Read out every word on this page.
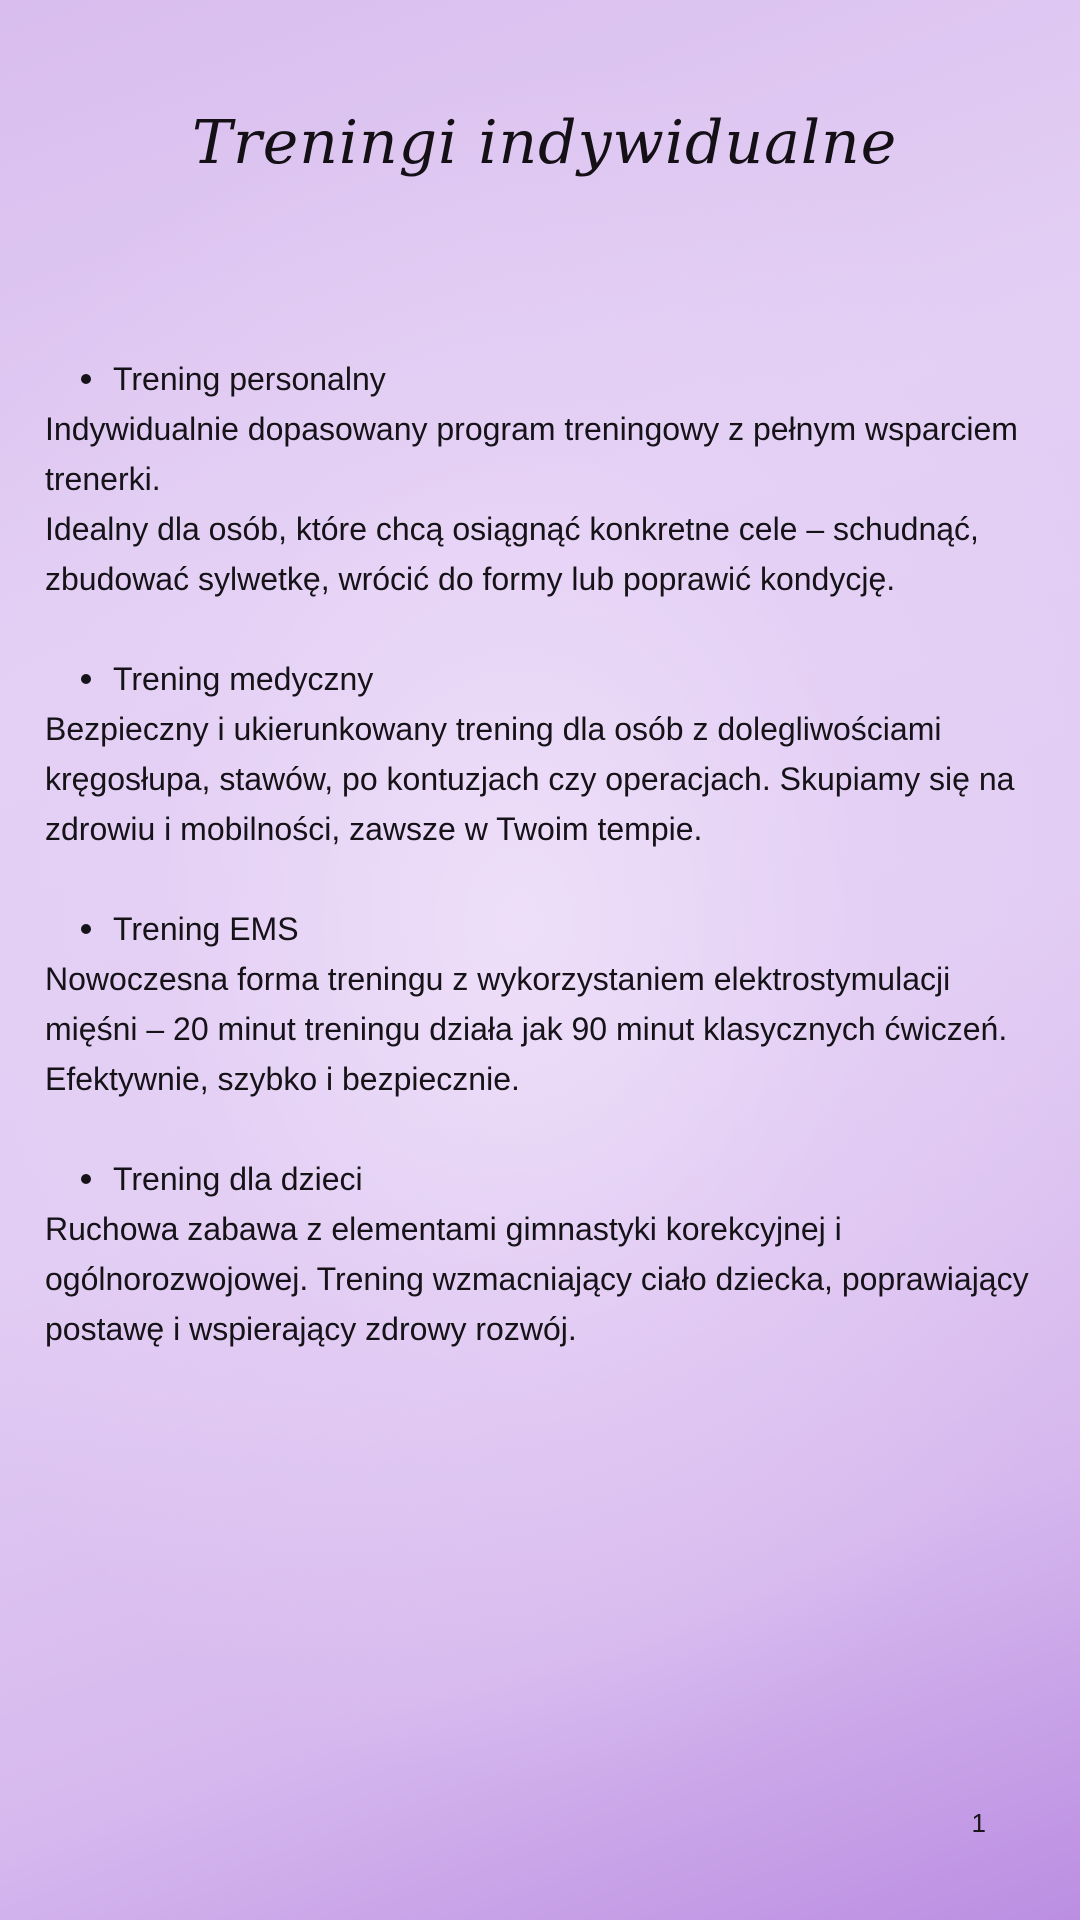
Treningi indywidualne
Trening personalny

Indywidualnie dopasowany program treningowy z pełnym wsparciem trenerki.

Idealny dla osób, które chcą osiągnąć konkretne cele – schudnąć, zbudować sylwetkę, wrócić do formy lub poprawić kondycję.

Trening medyczny

Bezpieczny i ukierunkowany trening dla osób z dolegliwościami kręgosłupa, stawów, po kontuzjach czy operacjach. Skupiamy się na zdrowiu i mobilności, zawsze w Twoim tempie.

Trening EMS

Nowoczesna forma treningu z wykorzystaniem elektrostymulacji mięśni – 20 minut treningu działa jak 90 minut klasycznych ćwiczeń. Efektywnie, szybko i bezpiecznie.

Trening dla dzieci

Ruchowa zabawa z elementami gimnastyki korekcyjnej i ogólnorozwojowej. Trening wzmacniający ciało dziecka, poprawiający postawę i wspierający zdrowy rozwój.

1
